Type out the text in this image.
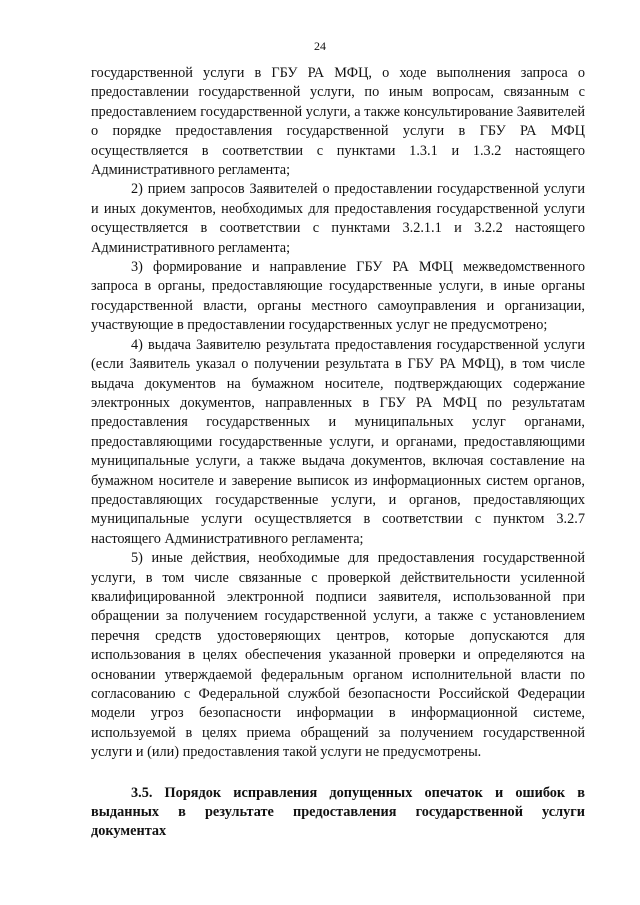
24

государственной услуги в ГБУ РА МФЦ, о ходе выполнения запроса о предоставлении государственной услуги, по иным вопросам, связанным с предоставлением государственной услуги, а также консультирование Заявителей о порядке предоставления государственной услуги в ГБУ РА МФЦ осуществляется в соответствии с пунктами 1.3.1 и 1.3.2 настоящего Административного регламента;

2) прием запросов Заявителей о предоставлении государственной услуги и иных документов, необходимых для предоставления государственной услуги осуществляется в соответствии с пунктами 3.2.1.1 и 3.2.2 настоящего Административного регламента;

3) формирование и направление ГБУ РА МФЦ межведомственного запроса в органы, предоставляющие государственные услуги, в иные органы государственной власти, органы местного самоуправления и организации, участвующие в предоставлении государственных услуг не предусмотрено;

4) выдача Заявителю результата предоставления государственной услуги (если Заявитель указал о получении результата в ГБУ РА МФЦ), в том числе выдача документов на бумажном носителе, подтверждающих содержание электронных документов, направленных в ГБУ РА МФЦ по результатам предоставления государственных и муниципальных услуг органами, предоставляющими государственные услуги, и органами, предоставляющими муниципальные услуги, а также выдача документов, включая составление на бумажном носителе и заверение выписок из информационных систем органов, предоставляющих государственные услуги, и органов, предоставляющих муниципальные услуги осуществляется в соответствии с пунктом 3.2.7 настоящего Административного регламента;

5) иные действия, необходимые для предоставления государственной услуги, в том числе связанные с проверкой действительности усиленной квалифицированной электронной подписи заявителя, использованной при обращении за получением государственной услуги, а также с установлением перечня средств удостоверяющих центров, которые допускаются для использования в целях обеспечения указанной проверки и определяются на основании утверждаемой федеральным органом исполнительной власти по согласованию с Федеральной службой безопасности Российской Федерации модели угроз безопасности информации в информационной системе, используемой в целях приема обращений за получением государственной услуги и (или) предоставления такой услуги не предусмотрены.

3.5. Порядок исправления допущенных опечаток и ошибок в выданных в результате предоставления государственной услуги документах
